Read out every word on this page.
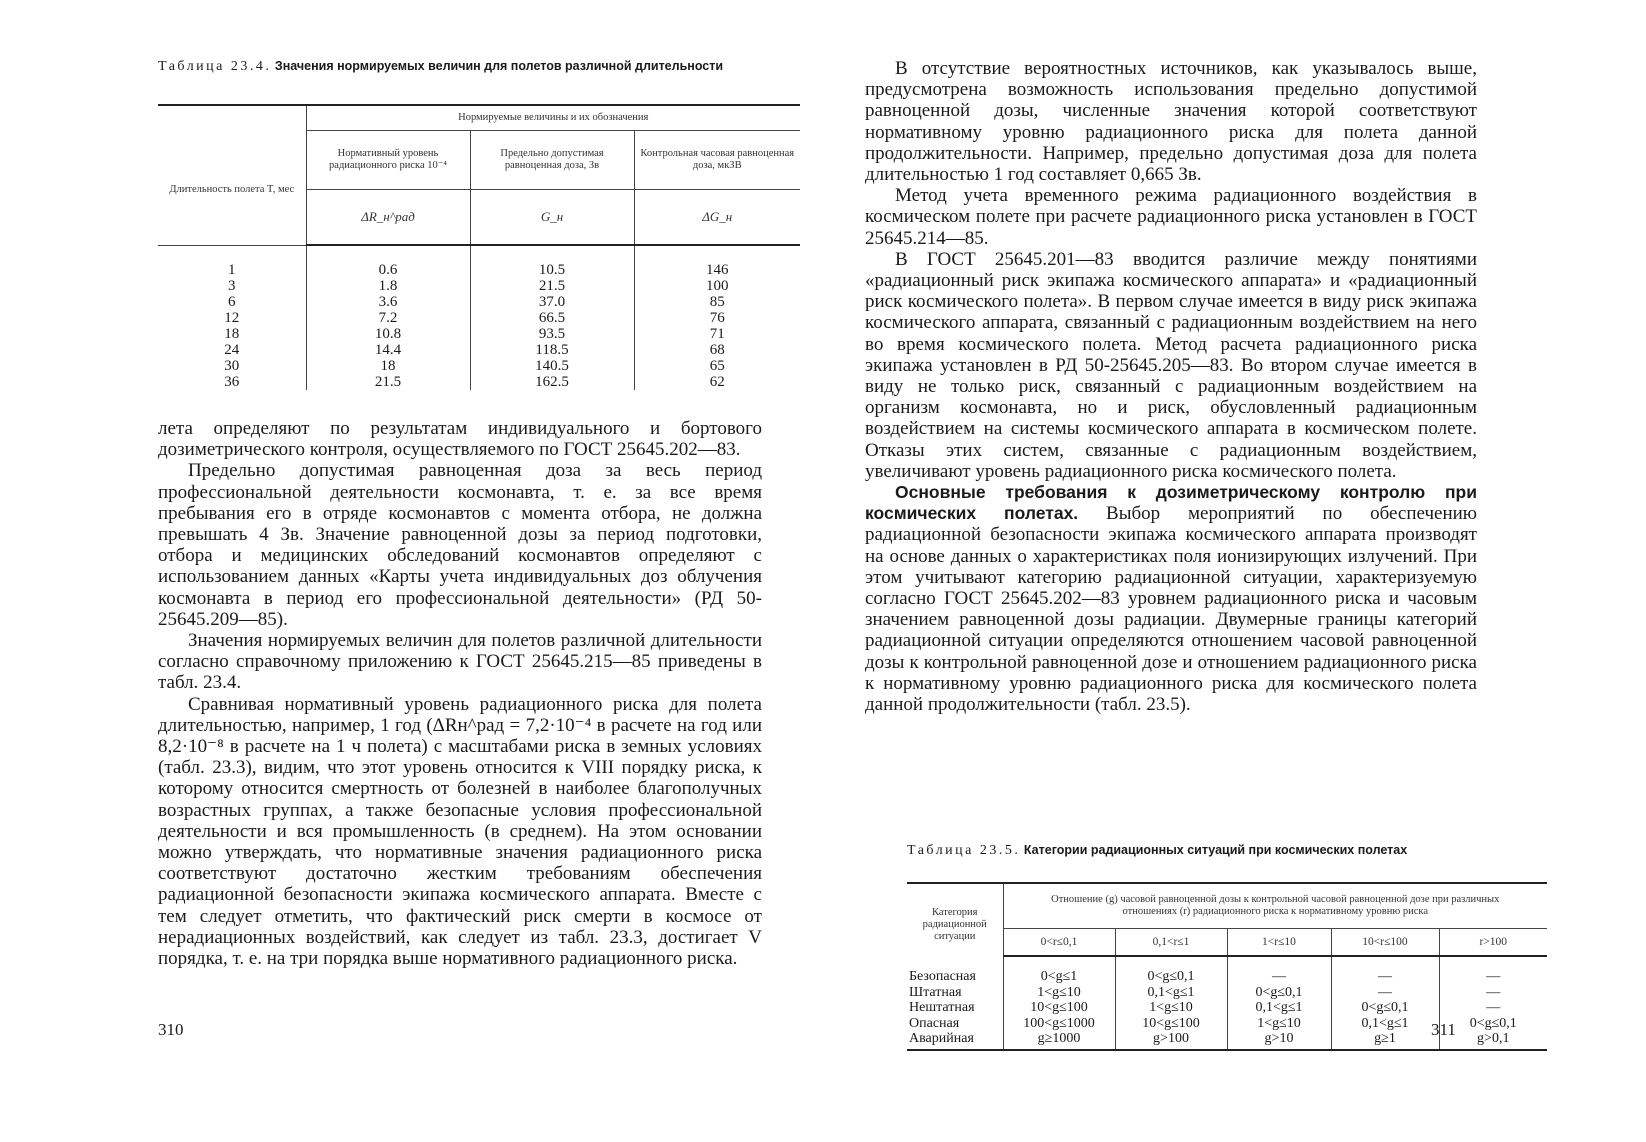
Таблица 23.4. Значения нормируемых величин для полетов различной длительности
Длительность полета T, мес	Нормируемые величины и их обозначения		
	Нормативный уровень радиационного риска 10⁻⁴	Предельно допустимая равноценная доза, Зв	Контрольная часовая равноценная доза, мкЗВ
	ΔR_н^рад	G_н	ΔG_н
1	0.6	10.5	146
3	1.8	21.5	100
6	3.6	37.0	85
12	7.2	66.5	76
18	10.8	93.5	71
24	14.4	118.5	68
30	18	140.5	65
36	21.5	162.5	62

лета определяют по результатам индивидуального и бортового дозиметрического контроля, осуществляемого по ГОСТ 25645.202—83.

Предельно допустимая равноценная доза за весь период профессиональной деятельности космонавта, т. е. за все время пребывания его в отряде космонавтов с момента отбора, не должна превышать 4 Зв. Значение равноценной дозы за период подготовки, отбора и медицинских обследований космонавтов определяют с использованием данных «Карты учета индивидуальных доз облучения космонавта в период его профессиональной деятельности» (РД 50-25645.209—85).

Значения нормируемых величин для полетов различной длительности согласно справочному приложению к ГОСТ 25645.215—85 приведены в табл. 23.4.

Сравнивая нормативный уровень радиационного риска для полета длительностью, например, 1 год (ΔRн^рад = 7,2·10⁻⁴ в расчете на год или 8,2·10⁻⁸ в расчете на 1 ч полета) с масштабами риска в земных условиях (табл. 23.3), видим, что этот уровень относится к VIII порядку риска, к которому относится смертность от болезней в наиболее благополучных возрастных группах, а также безопасные условия профессиональной деятельности и вся промышленность (в среднем). На этом основании можно утверждать, что нормативные значения радиационного риска соответствуют достаточно жестким требованиям обеспечения радиационной безопасности экипажа космического аппарата. Вместе с тем следует отметить, что фактический риск смерти в космосе от нерадиационных воздействий, как следует из табл. 23.3, достигает V порядка, т. е. на три порядка выше нормативного радиационного риска.

310

В отсутствие вероятностных источников, как указывалось выше, предусмотрена возможность использования предельно допустимой равноценной дозы, численные значения которой соответствуют нормативному уровню радиационного риска для полета данной продолжительности. Например, предельно допустимая доза для полета длительностью 1 год составляет 0,665 Зв.

Метод учета временного режима радиационного воздействия в космическом полете при расчете радиационного риска установлен в ГОСТ 25645.214—85.

В ГОСТ 25645.201—83 вводится различие между понятиями «радиационный риск экипажа космического аппарата» и «радиационный риск космического полета». В первом случае имеется в виду риск экипажа космического аппарата, связанный с радиационным воздействием на него во время космического полета. Метод расчета радиационного риска экипажа установлен в РД 50-25645.205—83. Во втором случае имеется в виду не только риск, связанный с радиационным воздействием на организм космонавта, но и риск, обусловленный радиационным воздействием на системы космического аппарата в космическом полете. Отказы этих систем, связанные с радиационным воздействием, увеличивают уровень радиационного риска космического полета.

Основные требования к дозиметрическому контролю при космических полетах. Выбор мероприятий по обеспечению радиационной безопасности экипажа космического аппарата производят на основе данных о характеристиках поля ионизирующих излучений. При этом учитывают категорию радиационной ситуации, характеризуемую согласно ГОСТ 25645.202—83 уровнем радиационного риска и часовым значением равноценной дозы радиации. Двумерные границы категорий радиационной ситуации определяются отношением часовой равноценной дозы к контрольной равноценной дозе и отношением радиационного риска к нормативному уровню радиационного риска для космического полета данной продолжительности (табл. 23.5).

Таблица 23.5. Категории радиационных ситуаций при космических полетах
311
Категория радиационной ситуации	Отношение (g) часовой равноценной дозы к контрольной часовой равноценной дозе при различных отношениях (r) радиационного риска к нормативному уровню риска				
	0<r≤0,1	0,1<r≤1	1<r≤10	10<r≤100	r>100
Безопасная	0<g≤1	0<g≤0,1	—	—	—
Штатная	1<g≤10	0,1<g≤1	0<g≤0,1	—	—
Нештатная	10<g≤100	1<g≤10	0,1<g≤1	0<g≤0,1	—
Опасная	100<g≤1000	10<g≤100	1<g≤10	0,1<g≤1	0<g≤0,1
Аварийная	g≥1000	g>100	g>10	g≥1	g>0,1
